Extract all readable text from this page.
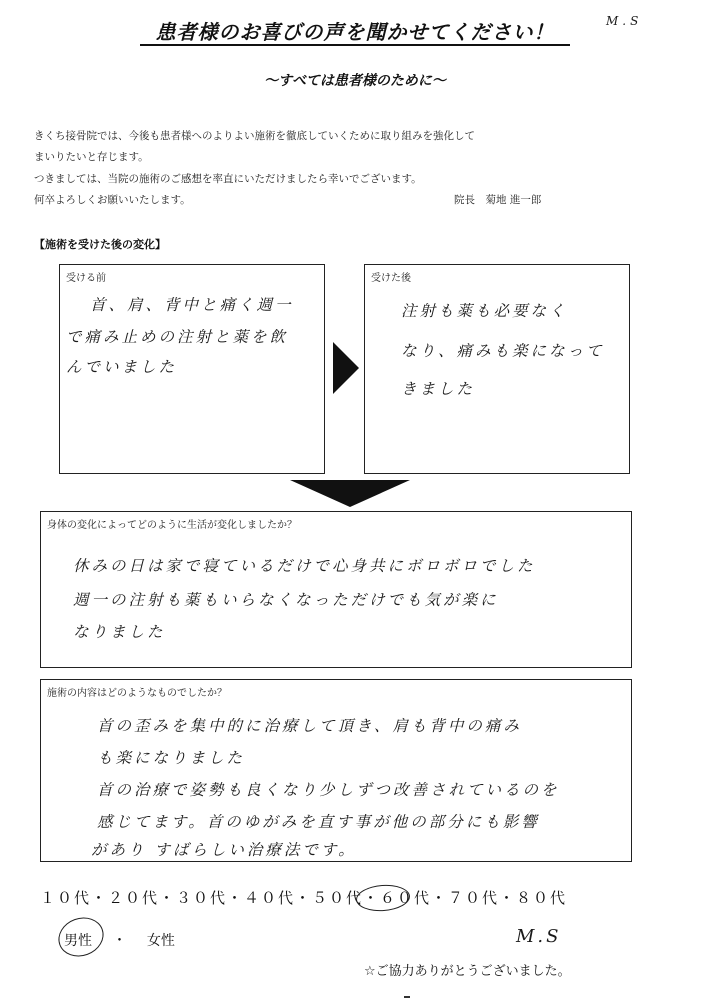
患者様のお喜びの声を聞かせてください！	M.S
～すべては患者様のために～
きくち接骨院では、今後も患者様へのよりよい施術を徹底していくために取り組みを強化して
まいりたいと存じます。
つきましては、当院の施術のご感想を率直にいただけましたら幸いでございます。
何卒よろしくお願いいたします。	院長　菊地 進一郎
【施術を受けた後の変化】
受ける前
首、肩、背中と痛く週一
で痛み止めの注射と薬を飲
んでいました
受けた後
注射も薬も必要なく
なり、痛みも楽になって
きました
身体の変化によってどのように生活が変化しましたか？
休みの日は家で寝ているだけで心身共にボロボロでした
週一の注射も薬もいらなくなっただけでも気が楽に
なりました
施術の内容はどのようなものでしたか？
首の歪みを集中的に治療して頂き、肩も背中の痛み
も楽になりました
首の治療で姿勢も良くなり少しずつ改善されているのを
感じてます。首のゆがみを直す事が他の部分にも影響
があり すばらしい治療法です。
１０代・２０代・３０代・４０代・５０代・６０代・７０代・８０代
男性 ・ 女性	M.S
☆ご協力ありがとうございました。
